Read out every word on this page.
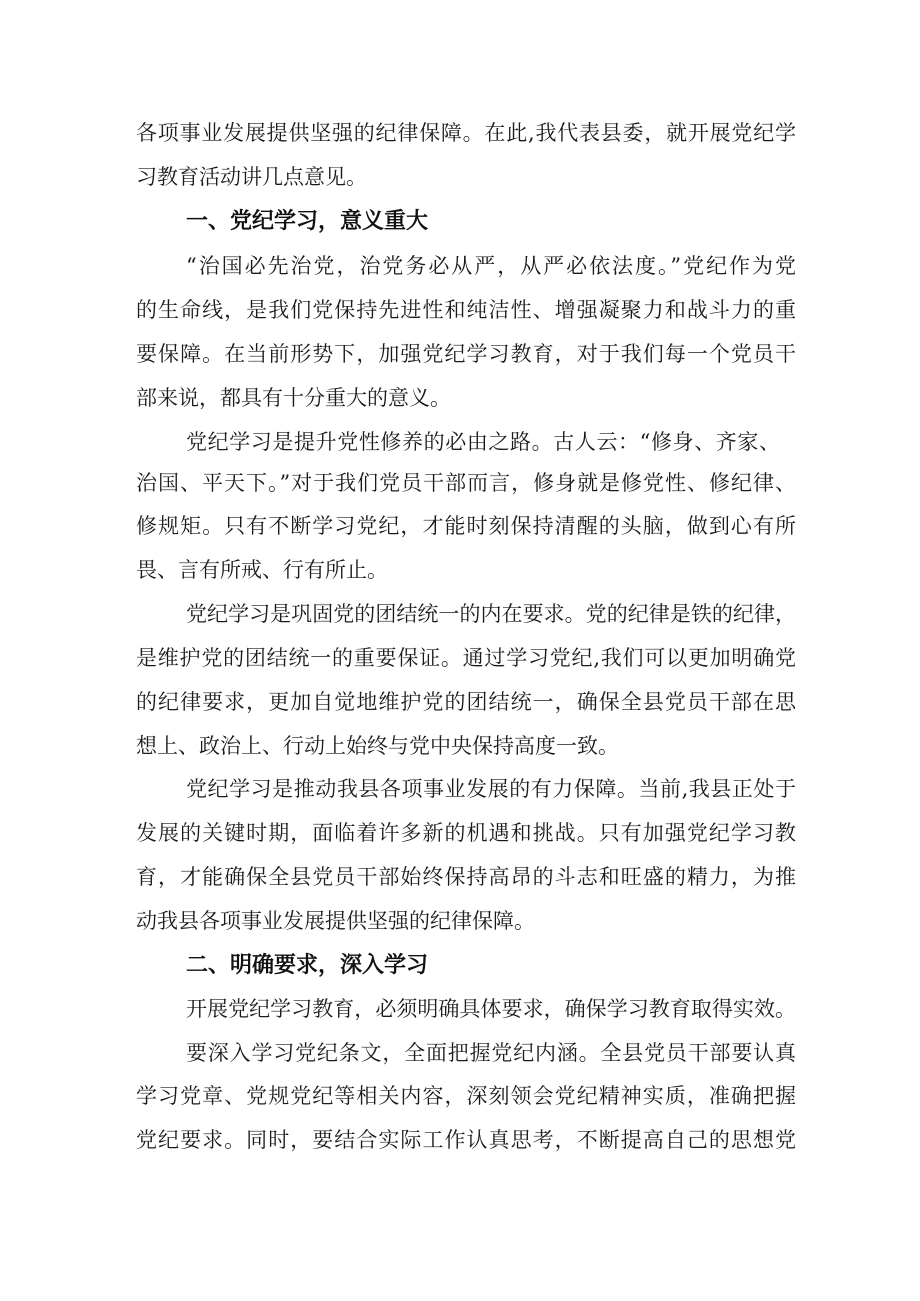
各项事业发展提供坚强的纪律保障。在此,我代表县委，就开展党纪学

习教育活动讲几点意见。

一、党纪学习，意义重大

“治国必先治党，治党务必从严，从严必依法度。”党纪作为党

的生命线，是我们党保持先进性和纯洁性、增强凝聚力和战斗力的重

要保障。在当前形势下，加强党纪学习教育，对于我们每一个党员干

部来说，都具有十分重大的意义。

党纪学习是提升党性修养的必由之路。古人云：“修身、齐家、

治国、平天下。”对于我们党员干部而言，修身就是修党性、修纪律、

修规矩。只有不断学习党纪，才能时刻保持清醒的头脑，做到心有所

畏、言有所戒、行有所止。

党纪学习是巩固党的团结统一的内在要求。党的纪律是铁的纪律，

是维护党的团结统一的重要保证。通过学习党纪,我们可以更加明确党

的纪律要求，更加自觉地维护党的团结统一，确保全县党员干部在思

想上、政治上、行动上始终与党中央保持高度一致。

党纪学习是推动我县各项事业发展的有力保障。当前,我县正处于

发展的关键时期，面临着许多新的机遇和挑战。只有加强党纪学习教

育，才能确保全县党员干部始终保持高昂的斗志和旺盛的精力，为推

动我县各项事业发展提供坚强的纪律保障。

二、明确要求，深入学习

开展党纪学习教育，必须明确具体要求，确保学习教育取得实效。

要深入学习党纪条文，全面把握党纪内涵。全县党员干部要认真

学习党章、党规党纪等相关内容，深刻领会党纪精神实质，准确把握

党纪要求。同时，要结合实际工作认真思考，不断提高自己的思想党
